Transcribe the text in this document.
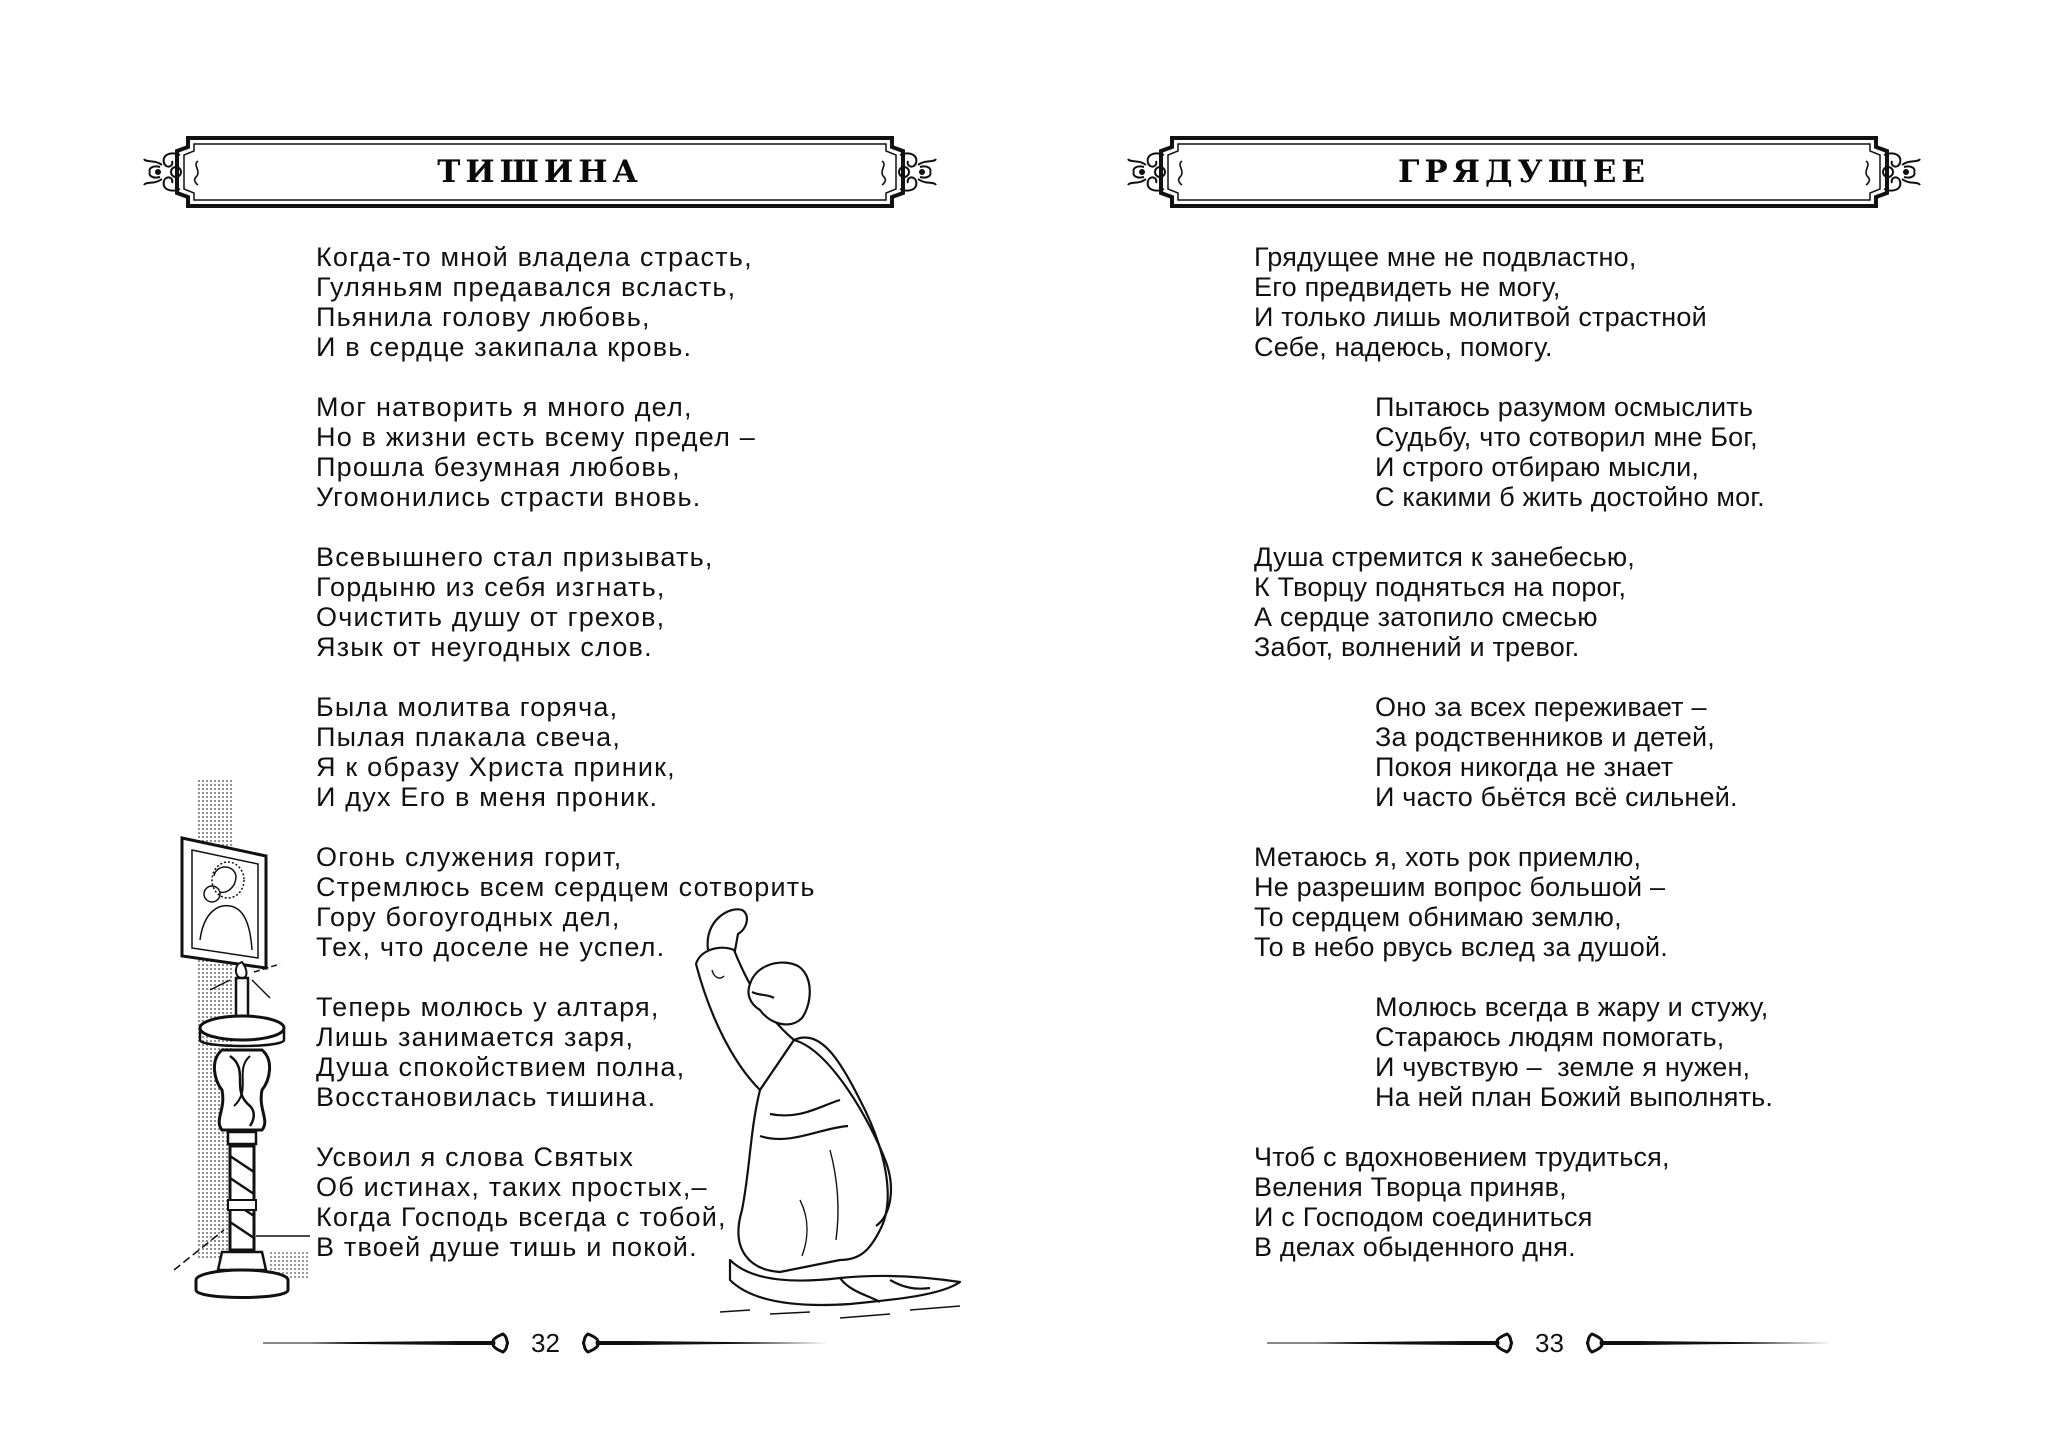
ТИШИНА
Когда-то мной владела страсть,
Гуляньям предавался всласть,
Пьянила голову любовь,
И в сердце закипала кровь.
Мог натворить я много дел,
Но в жизни есть всему предел –
Прошла безумная любовь,
Угомонились страсти вновь.
Всевышнего стал призывать,
Гордыню из себя изгнать,
Очистить душу от грехов,
Язык от неугодных слов.
Была молитва горяча,
Пылая плакала свеча,
Я к образу Христа приник,
И дух Его в меня проник.
Огонь служения горит,
Стремлюсь всем сердцем сотворить
Гору богоугодных дел,
Тех, что доселе не успел.
Теперь молюсь у алтаря,
Лишь занимается заря,
Душа спокойствием полна,
Восстановилась тишина.
Усвоил я слова Святых
Об истинах, таких простых,–
Когда Господь всегда с тобой,
В твоей душе тишь и покой.
32
ГРЯДУЩЕЕ
Грядущее мне не подвластно,
Его предвидеть не могу,
И только лишь молитвой страстной
Себе, надеюсь, помогу.
Пытаюсь разумом осмыслить
Судьбу, что сотворил мне Бог,
И строго отбираю мысли,
С какими б жить достойно мог.
Душа стремится к занебесью,
К Творцу подняться на порог,
А сердце затопило смесью
Забот, волнений и тревог.
Оно за всех переживает –
За родственников и детей,
Покоя никогда не знает
И часто бьётся всё сильней.
Метаюсь я, хоть рок приемлю,
Не разрешим вопрос большой –
То сердцем обнимаю землю,
То в небо рвусь вслед за душой.
Молюсь всегда в жару и стужу,
Стараюсь людям помогать,
И чувствую –  земле я нужен,
На ней план Божий выполнять.
Чтоб с вдохновением трудиться,
Веления Творца приняв,
И с Господом соединиться
В делах обыденного дня.
33
